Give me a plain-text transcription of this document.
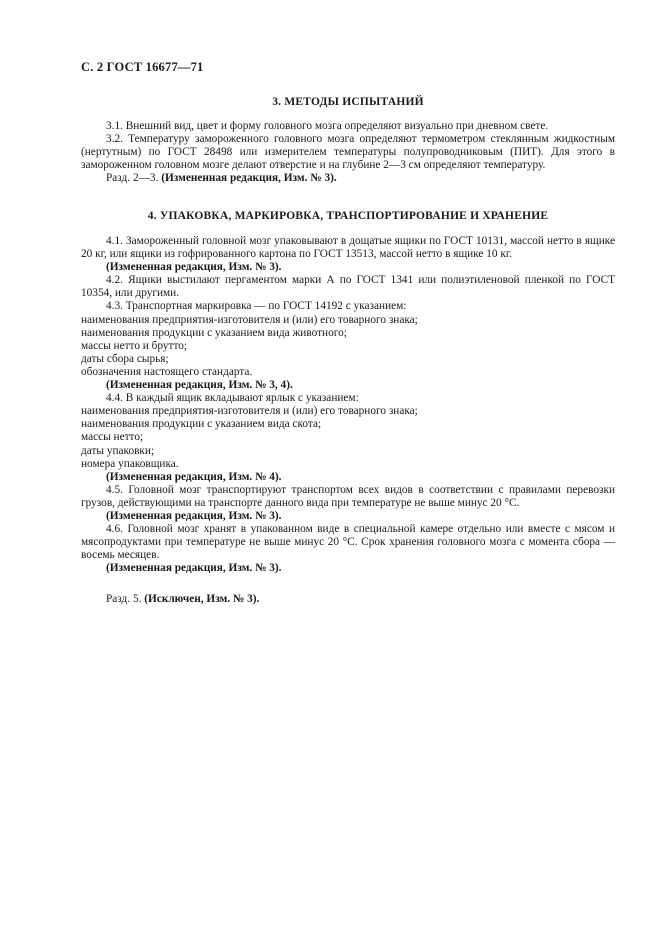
С. 2 ГОСТ 16677—71
3. МЕТОДЫ ИСПЫТАНИЙ

3.1. Внешний вид, цвет и форму головного мозга определяют визуально при дневном свете.

3.2. Температуру замороженного головного мозга определяют термометром стеклянным жидкостным (нертутным) по ГОСТ 28498 или измерителем температуры полупроводниковым (ПИТ). Для этого в замороженном головном мозге делают отверстие и на глубине 2—3 см определяют температуру.

Разд. 2—3. (Измененная редакция, Изм. № 3).

4. УПАКОВКА, МАРКИРОВКА, ТРАНСПОРТИРОВАНИЕ И ХРАНЕНИЕ

4.1. Замороженный головной мозг упаковывают в дощатые ящики по ГОСТ 10131, массой нетто в ящике 20 кг, или ящики из гофрированного картона по ГОСТ 13513, массой нетто в ящике 10 кг.

(Измененная редакция, Изм. № 3).

4.2. Ящики выстилают пергаментом марки А по ГОСТ 1341 или полиэтиленовой пленкой по ГОСТ 10354, или другими.

4.3. Транспортная маркировка — по ГОСТ 14192 с указанием:

наименования предприятия-изготовителя и (или) его товарного знака;

наименования продукции с указанием вида животного;

массы нетто и брутто;

даты сбора сырья;

обозначения настоящего стандарта.

(Измененная редакция, Изм. № 3, 4).

4.4. В каждый ящик вкладывают ярлык с указанием:

наименования предприятия-изготовителя и (или) его товарного знака;

наименования продукции с указанием вида скота;

массы нетто;

даты упаковки;

номера упаковщика.

(Измененная редакция, Изм. № 4).

4.5. Головной мозг транспортируют транспортом всех видов в соответствии с правилами перевозки грузов, действующими на транспорте данного вида при температуре не выше минус 20 °С.

(Измененная редакция, Изм. № 3).

4.6. Головной мозг хранят в упакованном виде в специальной камере отдельно или вместе с мясом и мясопродуктами при температуре не выше минус 20 °С. Срок хранения головного мозга с момента сбора — восемь месяцев.

(Измененная редакция, Изм. № 3).

Разд. 5. (Исключен, Изм. № 3).
